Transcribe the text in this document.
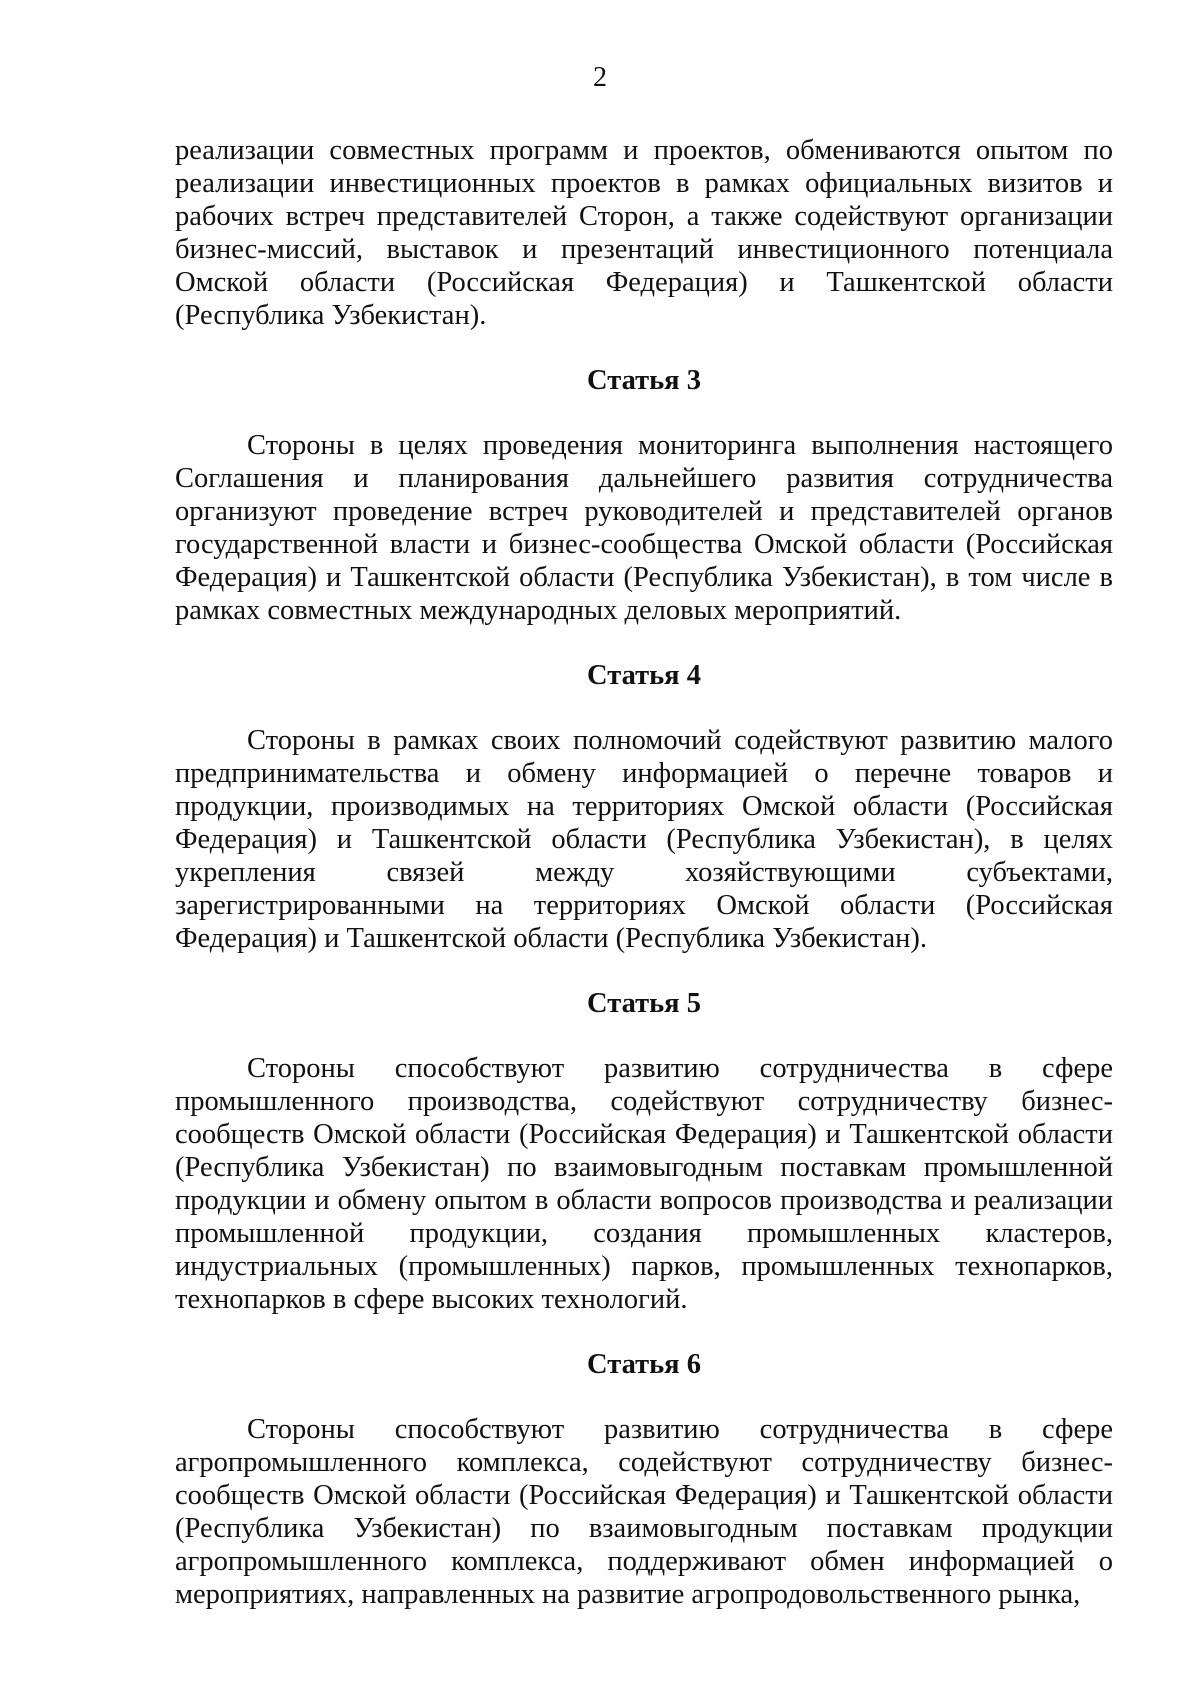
2

реализации совместных программ и проектов, обмениваются опытом по реализации инвестиционных проектов в рамках официальных визитов и рабочих встреч представителей Сторон, а также содействуют организации бизнес-миссий, выставок и презентаций инвестиционного потенциала Омской области (Российская Федерация) и Ташкентской области (Республика Узбекистан).

Статья 3

Стороны в целях проведения мониторинга выполнения настоящего Соглашения и планирования дальнейшего развития сотрудничества организуют проведение встреч руководителей и представителей органов государственной власти и бизнес-сообщества Омской области (Российская Федерация) и Ташкентской области (Республика Узбекистан), в том числе в рамках совместных международных деловых мероприятий.

Статья 4

Стороны в рамках своих полномочий содействуют развитию малого предпринимательства и обмену информацией о перечне товаров и продукции, производимых на территориях Омской области (Российская Федерация) и Ташкентской области (Республика Узбекистан), в целях укрепления связей между хозяйствующими субъектами, зарегистрированными на территориях Омской области (Российская Федерация) и Ташкентской области (Республика Узбекистан).

Статья 5

Стороны способствуют развитию сотрудничества в сфере промышленного производства, содействуют сотрудничеству бизнес-сообществ Омской области (Российская Федерация) и Ташкентской области (Республика Узбекистан) по взаимовыгодным поставкам промышленной продукции и обмену опытом в области вопросов производства и реализации промышленной продукции, создания промышленных кластеров, индустриальных (промышленных) парков, промышленных технопарков, технопарков в сфере высоких технологий.

Статья 6

Стороны способствуют развитию сотрудничества в сфере агропромышленного комплекса, содействуют сотрудничеству бизнес-сообществ Омской области (Российская Федерация) и Ташкентской области (Республика Узбекистан) по взаимовыгодным поставкам продукции агропромышленного комплекса, поддерживают обмен информацией о мероприятиях, направленных на развитие агропродовольственного рынка,
